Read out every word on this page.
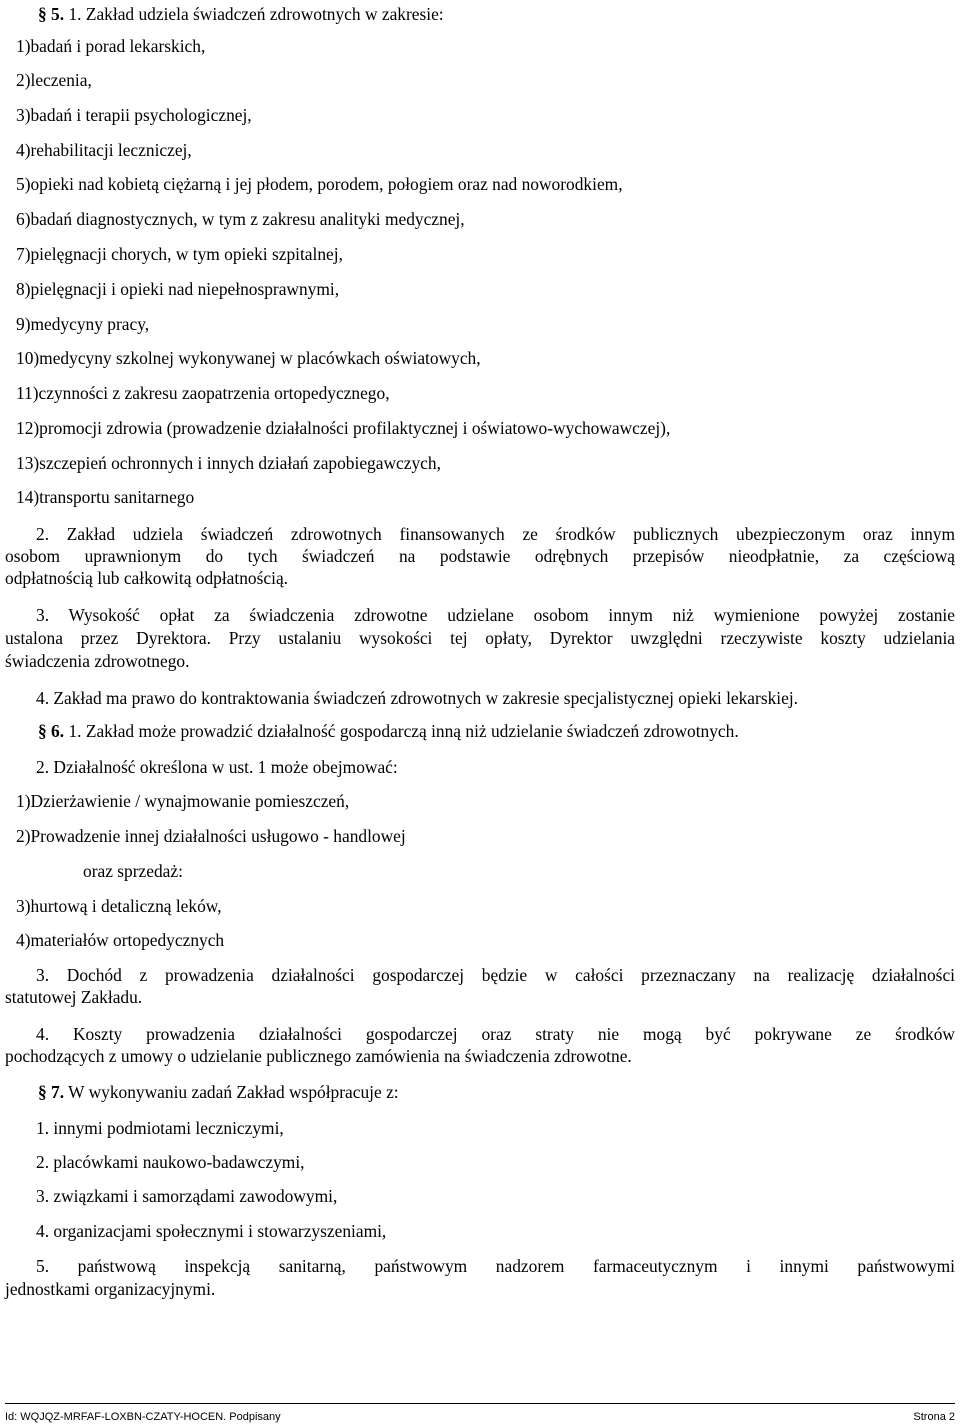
§ 5. 1. Zakład udziela świadczeń zdrowotnych w zakresie:
1)badań i porad lekarskich,
2)leczenia,
3)badań i terapii psychologicznej,
4)rehabilitacji leczniczej,
5)opieki nad kobietą ciężarną i jej płodem, porodem, połogiem oraz nad noworodkiem,
6)badań diagnostycznych, w tym z zakresu analityki medycznej,
7)pielęgnacji chorych, w tym opieki szpitalnej,
8)pielęgnacji i opieki nad niepełnosprawnymi,
9)medycyny pracy,
10)medycyny szkolnej wykonywanej w placówkach oświatowych,
11)czynności z zakresu zaopatrzenia ortopedycznego,
12)promocji zdrowia (prowadzenie działalności profilaktycznej i oświatowo-wychowawczej),
13)szczepień ochronnych i innych działań zapobiegawczych,
14)transportu sanitarnego
2. Zakład udziela świadczeń zdrowotnych finansowanych ze środków publicznych ubezpieczonym oraz innym
osobom uprawnionym do tych świadczeń na podstawie odrębnych przepisów nieodpłatnie, za częściową
odpłatnością lub całkowitą odpłatnością.
3. Wysokość opłat za świadczenia zdrowotne udzielane osobom innym niż wymienione powyżej zostanie
ustalona przez Dyrektora. Przy ustalaniu wysokości tej opłaty, Dyrektor uwzględni rzeczywiste koszty udzielania
świadczenia zdrowotnego.
4. Zakład ma prawo do kontraktowania świadczeń zdrowotnych w zakresie specjalistycznej opieki lekarskiej.
§ 6. 1. Zakład może prowadzić działalność gospodarczą inną niż udzielanie świadczeń zdrowotnych.
2. Działalność określona w ust. 1 może obejmować:
1)Dzierżawienie / wynajmowanie pomieszczeń,
2)Prowadzenie innej działalności usługowo - handlowej
oraz sprzedaż:
3)hurtową i detaliczną leków,
4)materiałów ortopedycznych
3. Dochód z prowadzenia działalności gospodarczej będzie w całości przeznaczany na realizację działalności
statutowej Zakładu.
4. Koszty prowadzenia działalności gospodarczej oraz straty nie mogą być pokrywane ze środków
pochodzących z umowy o udzielanie publicznego zamówienia na świadczenia zdrowotne.
§ 7. W wykonywaniu zadań Zakład współpracuje z:
1. innymi podmiotami leczniczymi,
2. placówkami naukowo-badawczymi,
3. związkami i samorządami zawodowymi,
4. organizacjami społecznymi i stowarzyszeniami,
5. państwową inspekcją sanitarną, państwowym nadzorem farmaceutycznym i innymi państwowymi
jednostkami organizacyjnymi.
Id: WQJQZ-MRFAF-LOXBN-CZATY-HOCEN. Podpisany	Strona 2
